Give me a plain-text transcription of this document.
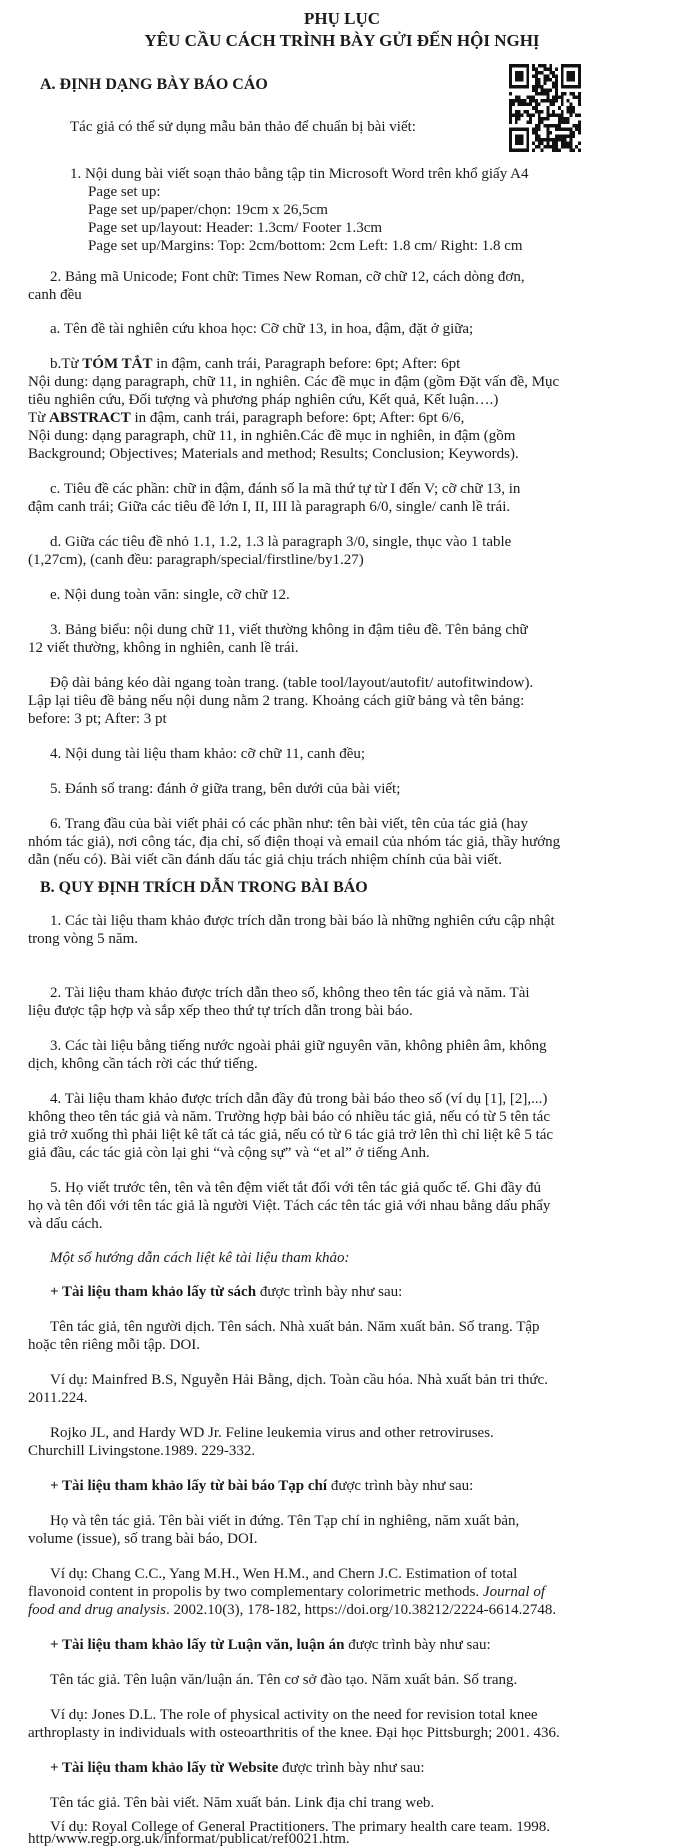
PHỤ LỤC
YÊU CẦU CÁCH TRÌNH BÀY GỬI ĐẾN HỘI NGHỊ
A. ĐỊNH DẠNG BÀY BÁO CÁO
Tác giả có thể sử dụng mẫu bản thảo để chuẩn bị bài viết:
1. Nội dung bài viết soạn thảo bằng tập tin Microsoft Word trên khổ giấy A4
Page set up:
Page set up/paper/chọn: 19cm x 26,5cm
Page set up/layout: Header: 1.3cm/ Footer 1.3cm
Page set up/Margins: Top: 2cm/bottom: 2cm Left: 1.8 cm/ Right: 1.8 cm
2. Bảng mã Unicode; Font chữ: Times New Roman, cỡ chữ 12, cách dòng đơn,
canh đều
a. Tên đề tài nghiên cứu khoa học: Cỡ chữ 13, in hoa, đậm, đặt ở giữa;
b.Từ TÓM TẮT in đậm, canh trái, Paragraph before: 6pt; After: 6pt
Nội dung: dạng paragraph, chữ 11, in nghiên. Các đề mục in đậm (gồm Đặt vấn đề, Mục
tiêu nghiên cứu, Đối tượng và phương pháp nghiên cứu, Kết quả, Kết luận….)
Từ ABSTRACT in đậm, canh trái, paragraph before: 6pt; After: 6pt 6/6,
Nội dung: dạng paragraph, chữ 11, in nghiên.Các đề mục in nghiên, in đậm (gồm
Background; Objectives; Materials and method; Results; Conclusion; Keywords).
c. Tiêu đề các phần: chữ in đậm, đánh số la mã thứ tự từ I đến V; cỡ chữ 13, in
đậm canh trái; Giữa các tiêu đề lớn I, II, III là paragraph 6/0, single/ canh lề trái.
d. Giữa các tiêu đề nhỏ 1.1, 1.2, 1.3 là paragraph 3/0, single, thục vào 1 table
(1,27cm), (canh đều: paragraph/special/firstline/by1.27)
e. Nội dung toàn văn: single, cỡ chữ 12.
3. Bảng biểu: nội dung chữ 11, viết thường không in đậm tiêu đề. Tên bảng chữ
12 viết thường, không in nghiên, canh lề trái.
Độ dài bảng kéo dài ngang toàn trang. (table tool/layout/autofit/ autofitwindow).
Lập lại tiêu đề bảng nếu nội dung nằm 2 trang. Khoảng cách giữ bảng và tên bảng:
before: 3 pt; After: 3 pt
4. Nội dung tài liệu tham khảo: cỡ chữ 11, canh đều;
5. Đánh số trang: đánh ở giữa trang, bên dưới của bài viết;
6. Trang đầu của bài viết phải có các phần như: tên bài viết, tên của tác giả (hay
nhóm tác giả), nơi công tác, địa chỉ, số điện thoại và email của nhóm tác giả, thầy hướng
dẫn (nếu có). Bài viết cần đánh dấu tác giả chịu trách nhiệm chính của bài viết.
B. QUY ĐỊNH TRÍCH DẪN TRONG BÀI BÁO
1. Các tài liệu tham khảo được trích dẫn trong bài báo là những nghiên cứu cập nhật
trong vòng 5 năm.
2. Tài liệu tham khảo được trích dẫn theo số, không theo tên tác giả và năm. Tài
liệu được tập hợp và sắp xếp theo thứ tự trích dẫn trong bài báo.
3. Các tài liệu bằng tiếng nước ngoài phải giữ nguyên văn, không phiên âm, không
dịch, không cần tách rời các thứ tiếng.
4. Tài liệu tham khảo được trích dẫn đầy đủ trong bài báo theo số (ví dụ [1], [2],...)
không theo tên tác giả và năm. Trường hợp bài báo có nhiều tác giả, nếu có từ 5 tên tác
giả trở xuống thì phải liệt kê tất cả tác giả, nếu có từ 6 tác giả trở lên thì chỉ liệt kê 5 tác
giả đầu, các tác giả còn lại ghi “và cộng sự” và “et al” ở tiếng Anh.
5. Họ viết trước tên, tên và tên đệm viết tắt đối với tên tác giả quốc tế. Ghi đầy đủ
họ và tên đối với tên tác giả là người Việt. Tách các tên tác giả với nhau bằng dấu phẩy
và dấu cách.
Một số hướng dẫn cách liệt kê tài liệu tham khảo:
+ Tài liệu tham khảo lấy từ sách được trình bày như sau:
Tên tác giả, tên người dịch. Tên sách. Nhà xuất bản. Năm xuất bản. Số trang. Tập
hoặc tên riêng mỗi tập. DOI.
Ví dụ: Mainfred B.S, Nguyễn Hải Bằng, dịch. Toàn cầu hóa. Nhà xuất bản tri thức.
2011.224.
Rojko JL, and Hardy WD Jr. Feline leukemia virus and other retroviruses.
Churchill Livingstone.1989. 229-332.
+ Tài liệu tham khảo lấy từ bài báo Tạp chí được trình bày như sau:
Họ và tên tác giả. Tên bài viết in đứng. Tên Tạp chí in nghiêng, năm xuất bản,
volume (issue), số trang bài báo, DOI.
Ví dụ: Chang C.C., Yang M.H., Wen H.M., and Chern J.C. Estimation of total
flavonoid content in propolis by two complementary colorimetric methods. Journal of
food and drug analysis. 2002.10(3), 178-182, https://doi.org/10.38212/2224-6614.2748.
+ Tài liệu tham khảo lấy từ Luận văn, luận án được trình bày như sau:
Tên tác giả. Tên luận văn/luận án. Tên cơ sở đào tạo. Năm xuất bản. Số trang.
Ví dụ: Jones D.L. The role of physical activity on the need for revision total knee
arthroplasty in individuals with osteoarthritis of the knee. Đại học Pittsburgh; 2001. 436.
+ Tài liệu tham khảo lấy từ Website được trình bày như sau:
Tên tác giả. Tên bài viết. Năm xuất bản. Link địa chỉ trang web.
Ví dụ: Royal College of General Practitioners. The primary health care team. 1998.
http/www.regp.org.uk/informat/publicat/ref0021.htm.
